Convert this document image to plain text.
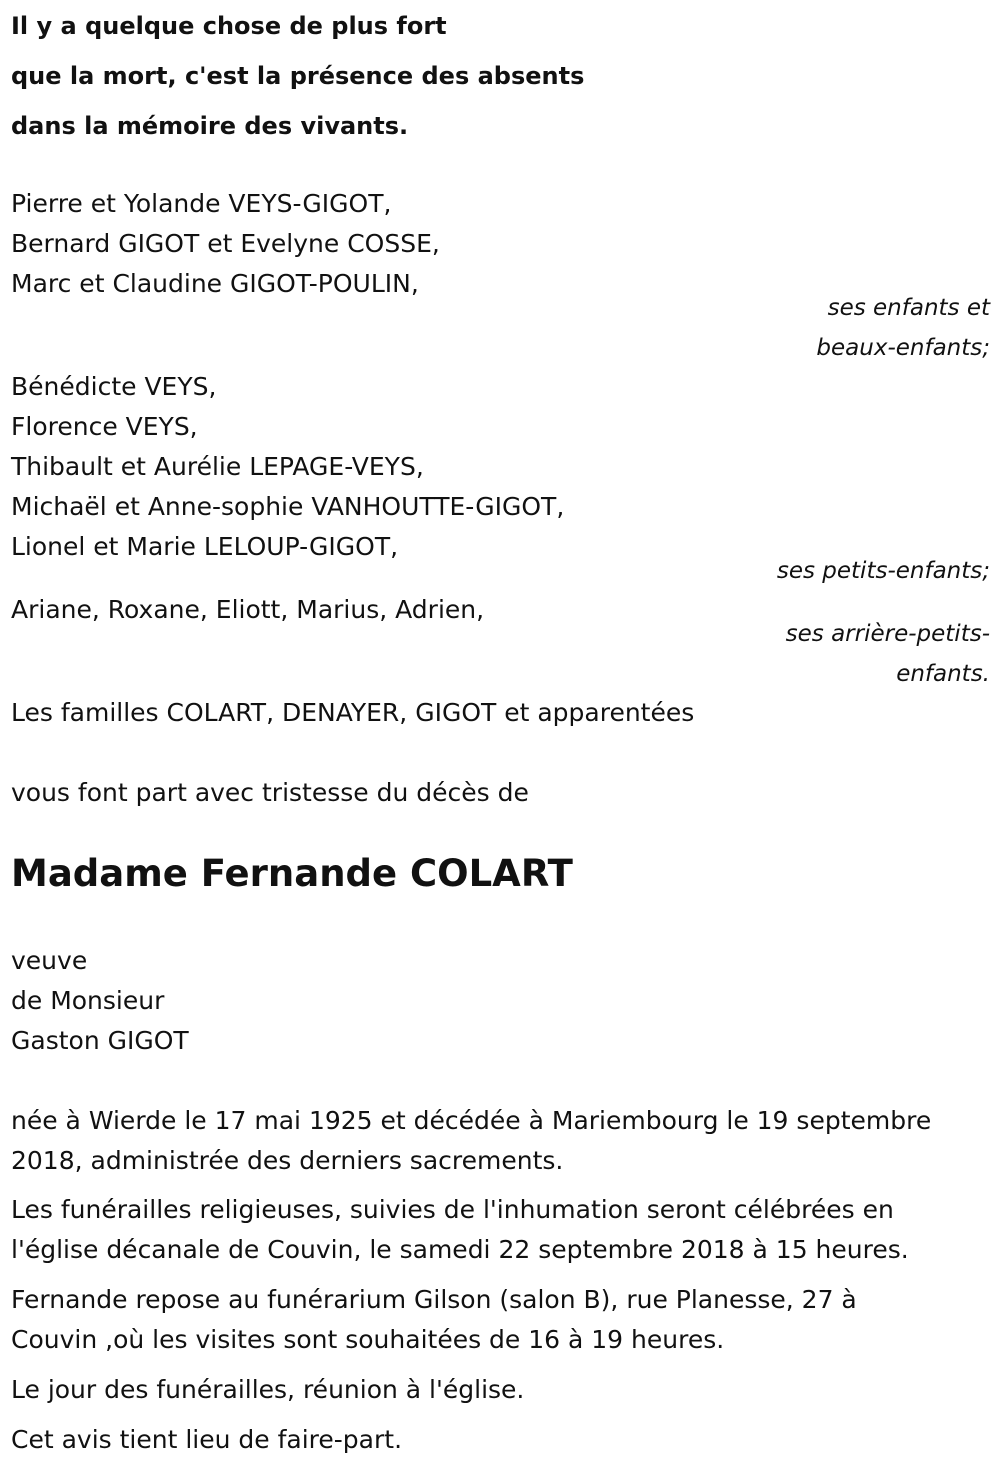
Il y a quelque chose de plus fort
que la mort, c'est la présence des absents
dans la mémoire des vivants.
Pierre et Yolande VEYS-GIGOT,
Bernard GIGOT et Evelyne COSSE,
Marc et Claudine GIGOT-POULIN,
ses enfants et
beaux-enfants;
Bénédicte VEYS,
Florence VEYS,
Thibault et Aurélie LEPAGE-VEYS,
Michaël et Anne-sophie VANHOUTTE-GIGOT,
Lionel et Marie LELOUP-GIGOT,
ses petits-enfants;
Ariane, Roxane, Eliott, Marius, Adrien,
ses arrière-petits-
enfants.
Les familles COLART, DENAYER, GIGOT et apparentées
vous font part avec tristesse du décès de
Madame Fernande COLART
veuve
de Monsieur
Gaston GIGOT
née à Wierde le 17 mai 1925 et décédée à Mariembourg le 19 septembre
2018, administrée des derniers sacrements.
Les funérailles religieuses, suivies de l'inhumation seront célébrées en
l'église décanale de Couvin, le samedi 22 septembre 2018 à 15 heures.
Fernande repose au funérarium Gilson (salon B), rue Planesse, 27 à
Couvin ,où les visites sont souhaitées de 16 à 19 heures.
Le jour des funérailles, réunion à l'église.
Cet avis tient lieu de faire-part.
